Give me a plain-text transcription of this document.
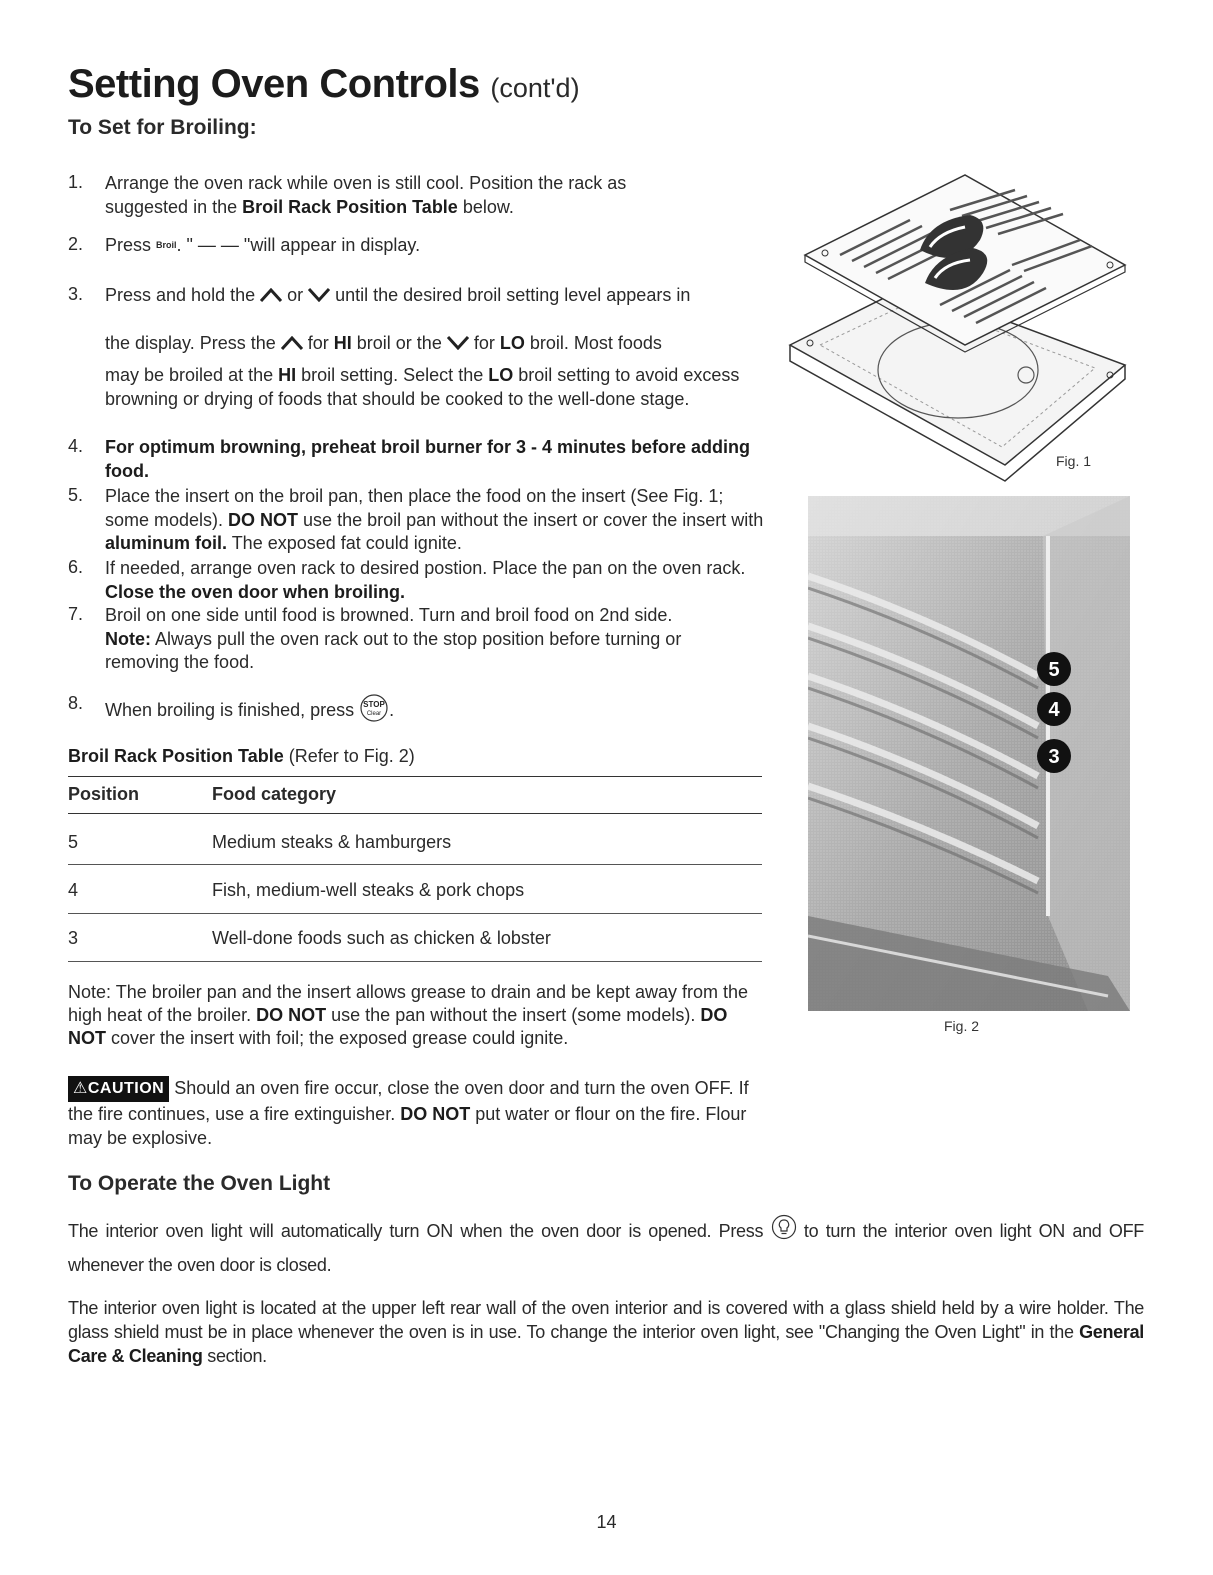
Setting Oven Controls (cont'd)
To Set for Broiling:
1. Arrange the oven rack while oven is still cool. Position the rack as suggested in the Broil Rack Position Table below.
2. Press Broil. " — — "will appear in display.
3. Press and hold the  or  until the desired broil setting level appears in
the display. Press the  for HI broil or the  for LO broil. Most foods
may be broiled at the HI broil setting. Select the LO broil setting to avoid excess browning or drying of foods that should be cooked to the well-done stage.
4. For optimum browning, preheat broil burner for 3 - 4 minutes before adding food.
5. Place the insert on the broil pan, then place the food on the insert (See Fig. 1; some models). DO NOT use the broil pan without the insert or cover the insert with aluminum foil. The exposed fat could ignite.
6. If needed, arrange oven rack to desired postion. Place the pan on the oven rack. Close the oven door when broiling.
7. Broil on one side until food is browned. Turn and broil food on 2nd side.
Note: Always pull the oven rack out to the stop position before turning or removing the food.
8. When broiling is finished, press STOP
Clear .
Broil Rack Position Table (Refer to Fig. 2)
Position	Food category
5	Medium steaks & hamburgers
4	Fish, medium-well steaks & pork chops
3	Well-done foods such as chicken & lobster
Note: The broiler pan and the insert allows grease to drain and be kept away from the high heat of the broiler. DO NOT use the pan without the insert (some models). DO NOT cover the insert with foil; the exposed grease could ignite.
⚠CAUTION Should an oven fire occur, close the oven door and turn the oven OFF. If the fire continues, use a fire extinguisher. DO NOT put water or flour on the fire. Flour may be explosive.
To Operate the Oven Light
The interior oven light will automatically turn ON when the oven door is opened. Press  to turn the interior oven light ON and OFF whenever the oven door is closed.
The interior oven light is located at the upper left rear wall of the oven interior and is covered with a glass shield held by a wire holder. The glass shield must be in place whenever the oven is in use. To change the interior oven light, see "Changing the Oven Light" in the General Care & Cleaning section.
Fig. 1
5
4
3
Fig. 2
14
